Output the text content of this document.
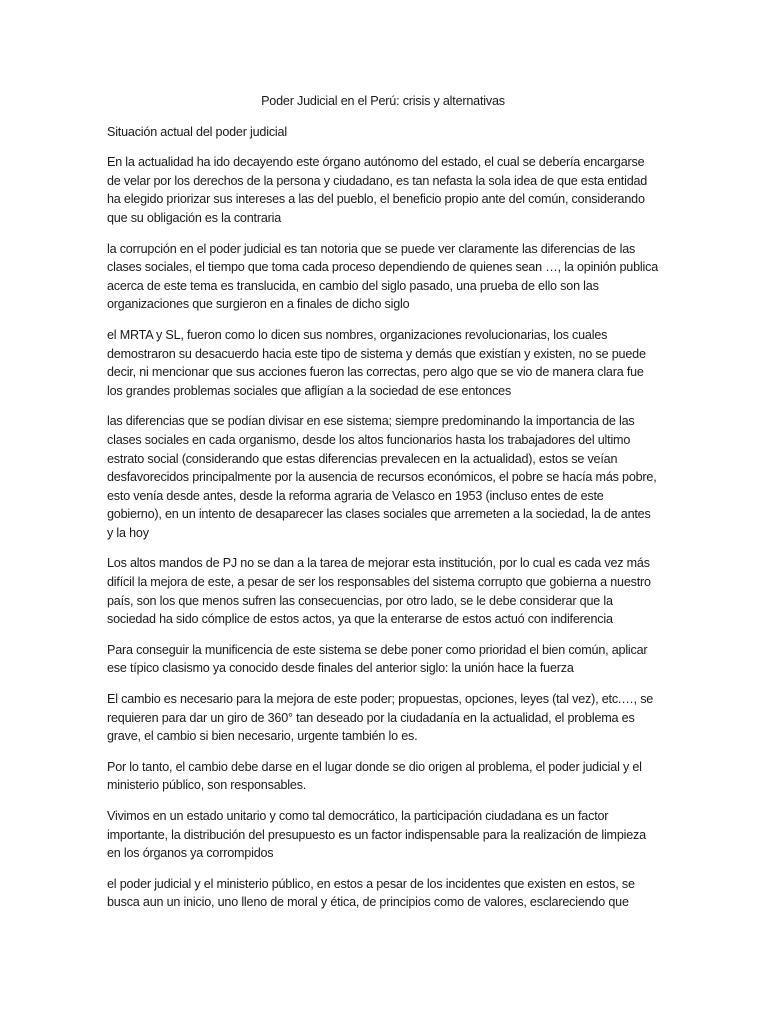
Poder Judicial en el Perú: crisis y alternativas
Situación actual del poder judicial

En la actualidad ha ido decayendo este órgano autónomo del estado, el cual se debería encargarse de velar por los derechos de la persona y ciudadano, es tan nefasta la sola idea de que esta entidad ha elegido priorizar sus intereses a las del pueblo, el beneficio propio ante del común, considerando que su obligación es la contraria

la corrupción en el poder judicial es tan notoria que se puede ver claramente las diferencias de las clases sociales, el tiempo que toma cada proceso dependiendo de quienes sean …, la opinión publica acerca de este tema es translucida, en cambio del siglo pasado, una prueba de ello son las organizaciones que surgieron en a finales de dicho siglo

el MRTA y SL, fueron como lo dicen sus nombres, organizaciones revolucionarias, los cuales demostraron su desacuerdo hacia este tipo de sistema y demás que existían y existen, no se puede decir, ni mencionar que sus acciones fueron las correctas, pero algo que se vio de manera clara fue los grandes problemas sociales que afligían a la sociedad de ese entonces

las diferencias que se podían divisar en ese sistema; siempre predominando la importancia de las clases sociales en cada organismo, desde los altos funcionarios hasta los trabajadores del ultimo estrato social (considerando que estas diferencias prevalecen en la actualidad), estos se veían desfavorecidos principalmente por la ausencia de recursos económicos, el pobre se hacía más pobre, esto venía desde antes, desde la reforma agraria de Velasco en 1953 (incluso entes de este gobierno), en un intento de desaparecer las clases sociales que arremeten a la sociedad, la de antes y la hoy

Los altos mandos de PJ no se dan a la tarea de mejorar esta institución, por lo cual es cada vez más difícil la mejora de este, a pesar de ser los responsables del sistema corrupto que gobierna a nuestro país, son los que menos sufren las consecuencias, por otro lado, se le debe considerar que la sociedad ha sido cómplice de estos actos, ya que la enterarse de estos actuó con indiferencia

Para conseguir la munificencia de este sistema se debe poner como prioridad el bien común, aplicar ese típico clasismo ya conocido desde finales del anterior siglo: la unión hace la fuerza

El cambio es necesario para la mejora de este poder; propuestas, opciones, leyes (tal vez), etc.…, se requieren para dar un giro de 360° tan deseado por la ciudadanía en la actualidad, el problema es grave, el cambio si bien necesario, urgente también lo es.

Por lo tanto, el cambio debe darse en el lugar donde se dio origen al problema, el poder judicial y el ministerio público, son responsables.

Vivimos en un estado unitario y como tal democrático, la participación ciudadana es un factor importante, la distribución del presupuesto es un factor indispensable para la realización de limpieza en los órganos ya corrompidos

el poder judicial y el ministerio público, en estos a pesar de los incidentes que existen en estos, se busca aun un inicio, uno lleno de moral y ética, de principios como de valores, esclareciendo que
